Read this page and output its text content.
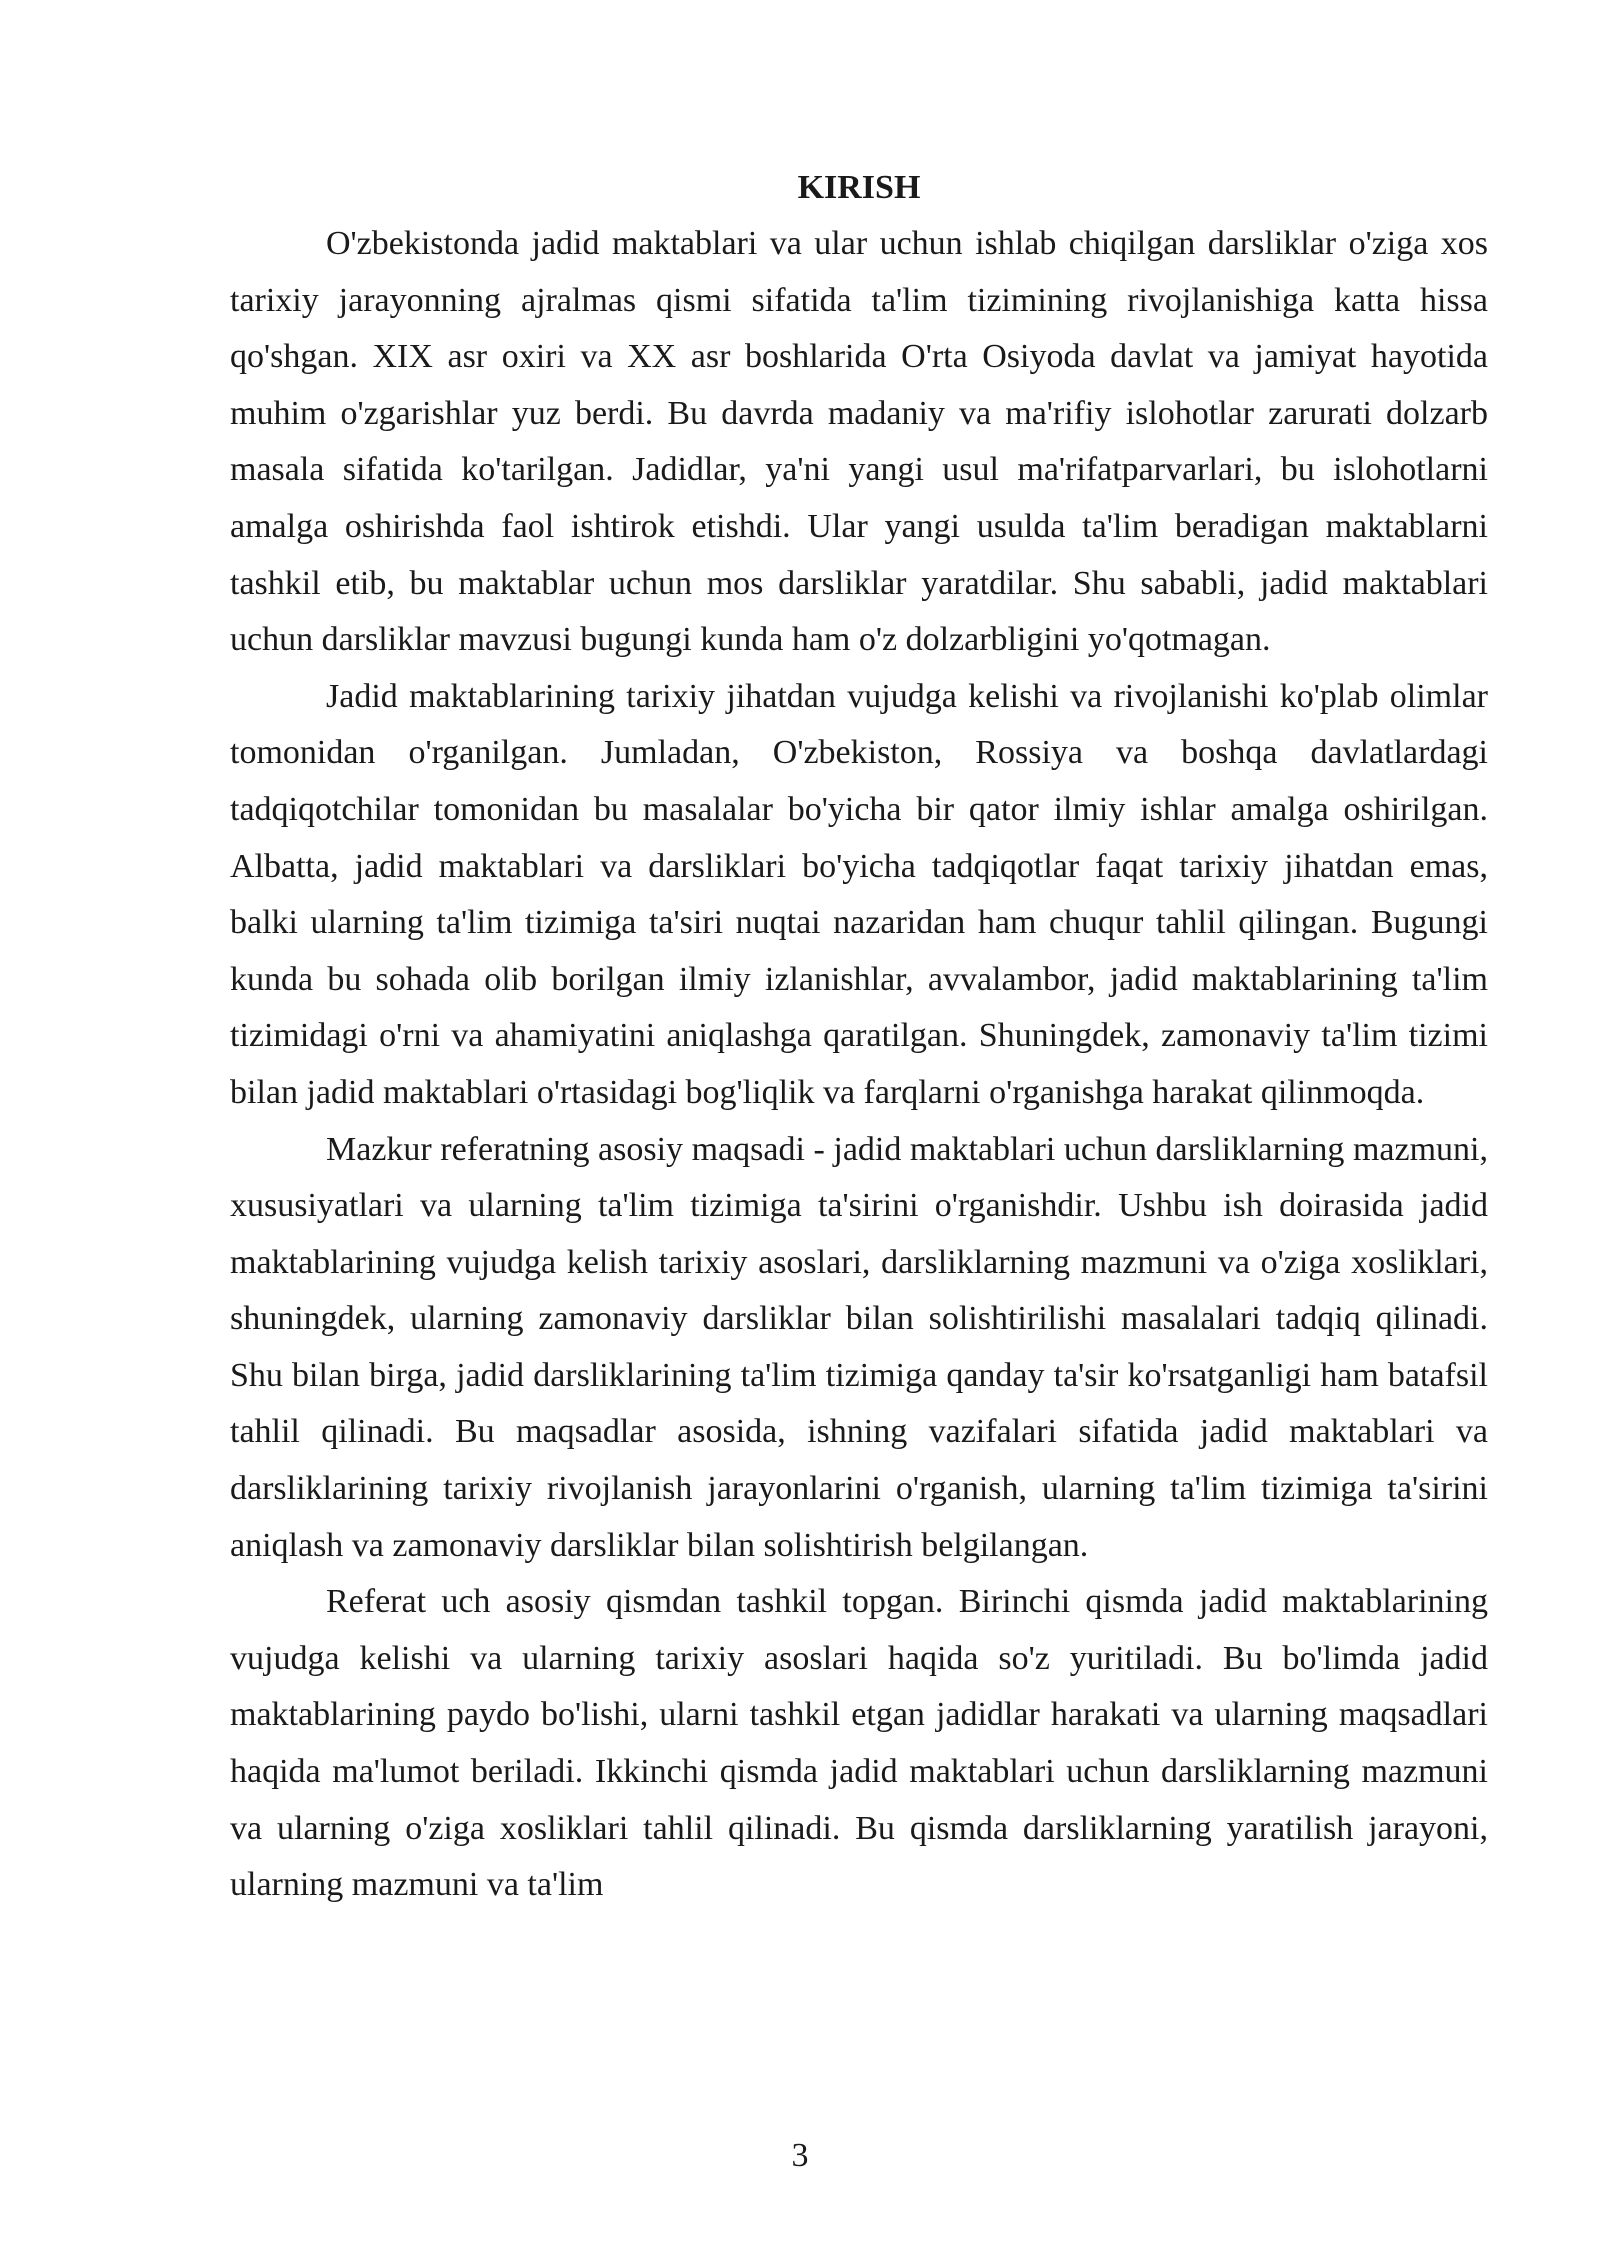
KIRISH

O'zbekistonda jadid maktablari va ular uchun ishlab chiqilgan darsliklar o'ziga xos tarixiy jarayonning ajralmas qismi sifatida ta'lim tizimining rivojlanishiga katta hissa qo'shgan. XIX asr oxiri va XX asr boshlarida O'rta Osiyoda davlat va jamiyat hayotida muhim o'zgarishlar yuz berdi. Bu davrda madaniy va ma'rifiy islohotlar zarurati dolzarb masala sifatida ko'tarilgan. Jadidlar, ya'ni yangi usul ma'rifatparvarlari, bu islohotlarni amalga oshirishda faol ishtirok etishdi. Ular yangi usulda ta'lim beradigan maktablarni tashkil etib, bu maktablar uchun mos darsliklar yaratdilar. Shu sababli, jadid maktablari uchun darsliklar mavzusi bugungi kunda ham o'z dolzarbligini yo'qotmagan.

Jadid maktablarining tarixiy jihatdan vujudga kelishi va rivojlanishi ko'plab olimlar tomonidan o'rganilgan. Jumladan, O'zbekiston, Rossiya va boshqa davlatlardagi tadqiqotchilar tomonidan bu masalalar bo'yicha bir qator ilmiy ishlar amalga oshirilgan. Albatta, jadid maktablari va darsliklari bo'yicha tadqiqotlar faqat tarixiy jihatdan emas, balki ularning ta'lim tizimiga ta'siri nuqtai nazaridan ham chuqur tahlil qilingan. Bugungi kunda bu sohada olib borilgan ilmiy izlanishlar, avvalambor, jadid maktablarining ta'lim tizimidagi o'rni va ahamiyatini aniqlashga qaratilgan. Shuningdek, zamonaviy ta'lim tizimi bilan jadid maktablari o'rtasidagi bog'liqlik va farqlarni o'rganishga harakat qilinmoqda.

Mazkur referatning asosiy maqsadi - jadid maktablari uchun darsliklarning mazmuni, xususiyatlari va ularning ta'lim tizimiga ta'sirini o'rganishdir. Ushbu ish doirasida jadid maktablarining vujudga kelish tarixiy asoslari, darsliklarning mazmuni va o'ziga xosliklari, shuningdek, ularning zamonaviy darsliklar bilan solishtirilishi masalalari tadqiq qilinadi. Shu bilan birga, jadid darsliklarining ta'lim tizimiga qanday ta'sir ko'rsatganligi ham batafsil tahlil qilinadi. Bu maqsadlar asosida, ishning vazifalari sifatida jadid maktablari va darsliklarining tarixiy rivojlanish jarayonlarini o'rganish, ularning ta'lim tizimiga ta'sirini aniqlash va zamonaviy darsliklar bilan solishtirish belgilangan.

Referat uch asosiy qismdan tashkil topgan. Birinchi qismda jadid maktablarining vujudga kelishi va ularning tarixiy asoslari haqida so'z yuritiladi. Bu bo'limda jadid maktablarining paydo bo'lishi, ularni tashkil etgan jadidlar harakati va ularning maqsadlari haqida ma'lumot beriladi. Ikkinchi qismda jadid maktablari uchun darsliklarning mazmuni va ularning o'ziga xosliklari tahlil qilinadi. Bu qismda darsliklarning yaratilish jarayoni, ularning mazmuni va ta'lim

3
